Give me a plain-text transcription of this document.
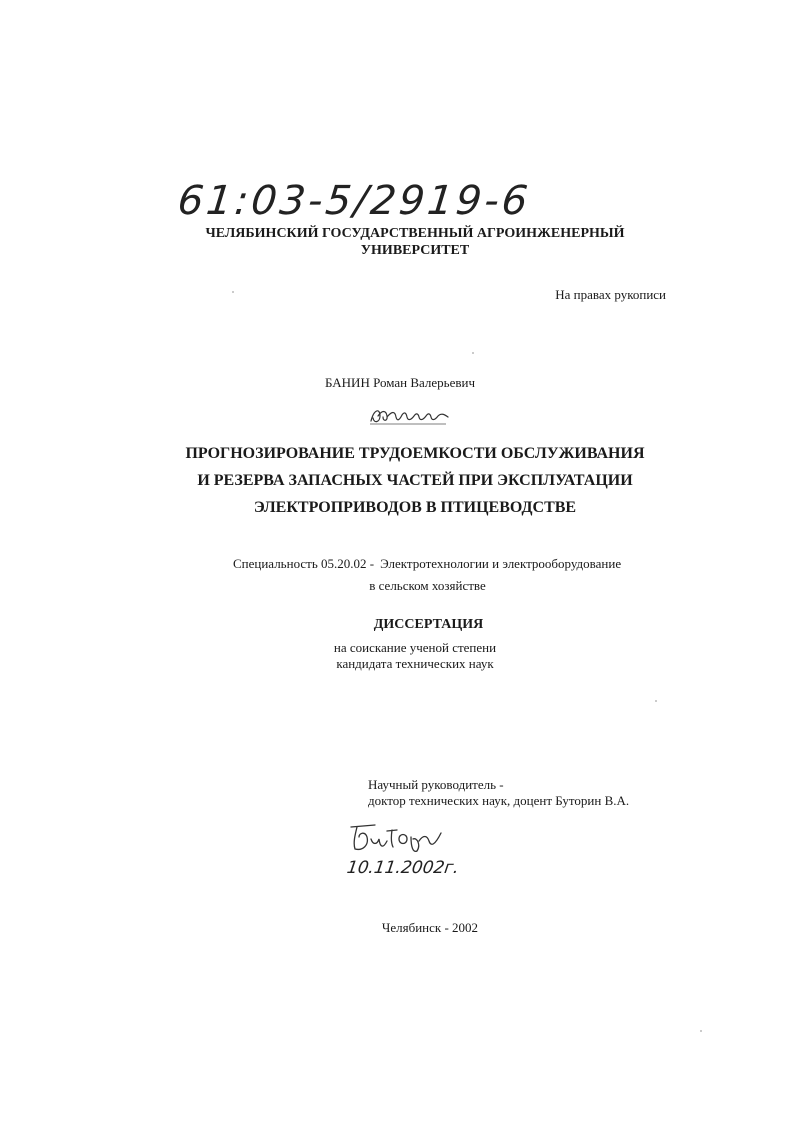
61:03-5/2919-6
ЧЕЛЯБИНСКИЙ ГОСУДАРСТВЕННЫЙ АГРОИНЖЕНЕРНЫЙ
УНИВЕРСИТЕТ
На правах рукописи
БАНИН Роман Валерьевич
ПРОГНОЗИРОВАНИЕ ТРУДОЕМКОСТИ ОБСЛУЖИВАНИЯ
И РЕЗЕРВА ЗАПАСНЫХ ЧАСТЕЙ ПРИ ЭКСПЛУАТАЦИИ
ЭЛЕКТРОПРИВОДОВ В ПТИЦЕВОДСТВЕ
Специальность 05.20.02 - Электротехнологии и электрооборудование
в сельском хозяйстве
ДИССЕРТАЦИЯ
на соискание ученой степени
кандидата технических наук
Научный руководитель -
доктор технических наук, доцент Буторин В.А.
10.11.2002г.
Челябинск - 2002
